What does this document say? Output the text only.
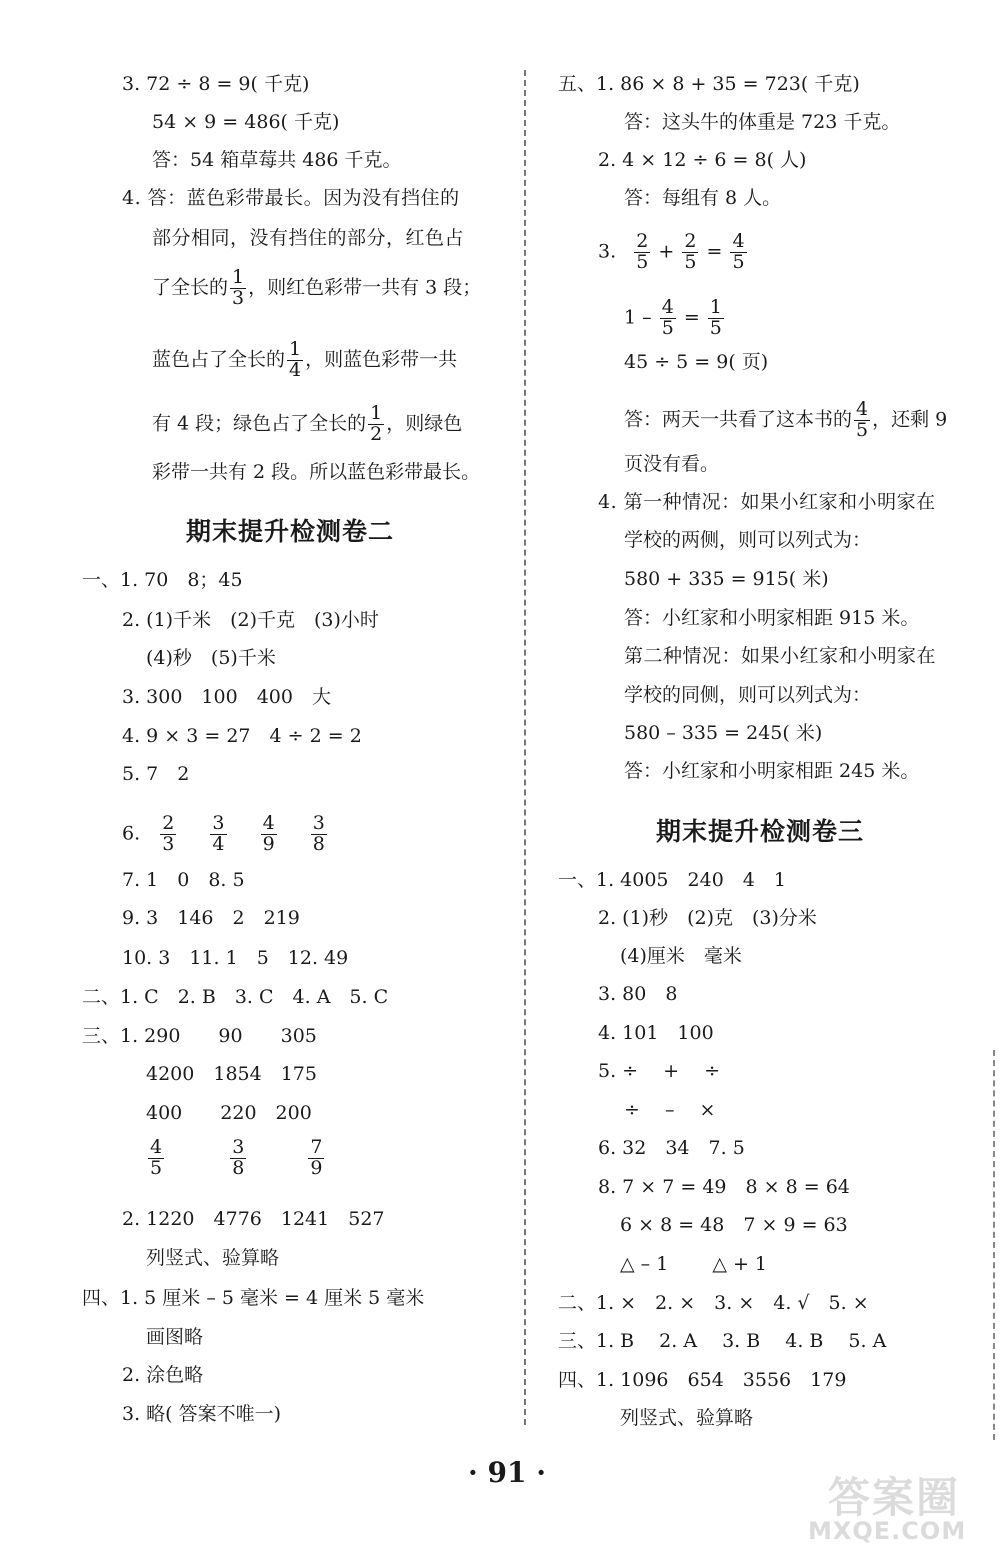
3. 72 ÷ 8 = 9( 千克)
54 × 9 = 486( 千克)
答：54 箱草莓共 486 千克。
4. 答：蓝色彩带最长。因为没有挡住的
部分相同，没有挡住的部分，红色占
了全长的 $\frac{1}{3}$ ，则红色彩带一共有 3 段；
蓝色占了全长的 $\frac{1}{4}$ ，则蓝色彩带一共
有 4 段；绿色占了全长的 $\frac{1}{2}$ ，则绿色
彩带一共有 2 段。所以蓝色彩带最长。
期末提升检测卷二
一、1. 70　8；45
2. (1)千米　(2)千克　(3)小时
(4)秒　(5)千米
3. 300　100　400　大
4. 9 × 3 = 27　4 ÷ 2 = 2
5. 7　2
6. $\frac{2}{3}$
$\frac{3}{4}$
$\frac{4}{9}$
$\frac{3}{8}$
7. 1　0　8. 5
9. 3　146　2　219
10. 3　11. 1　5　12. 49
二、1. C　2. B　3. C　4. A　5. C
三、1. 290　　90　　305
4200　1854　175
400　　220　200
$\frac{4}{5}$
	$\frac{3}{8}$
	$\frac{7}{9}$
2. 1220　4776　1241　527
列竖式、验算略
四、1. 5 厘米 – 5 毫米 = 4 厘米 5 毫米
画图略
2. 涂色略
3. 略( 答案不唯一)
五、1. 86 × 8 + 35 = 723( 千克)
答：这头牛的体重是 723 千克。
2. 4 × 12 ÷ 6 = 8( 人)
答：每组有 8 人。
3. $\frac{2}{5} + \frac{2}{5} = \frac{4}{5}$
$1 - \frac{4}{5} = \frac{1}{5}$
45 ÷ 5 = 9( 页)
答：两天一共看了这本书的 $\frac{4}{5}$ ，还剩 9
页没有看。
4. 第一种情况：如果小红家和小明家在
学校的两侧，则可以列式为：
580 + 335 = 915( 米)
答：小红家和小明家相距 915 米。
第二种情况：如果小红家和小明家在
学校的同侧，则可以列式为：
580 – 335 = 245( 米)
答：小红家和小明家相距 245 米。
期末提升检测卷三
一、1. 4005　240　4　1
2. (1)秒　(2)克　(3)分米
(4)厘米　毫米
3. 80　8
4. 101　100
5. ÷　 +　 ÷
÷　 –　 ×
6. 32　34　7. 5
8. 7 × 7 = 49　8 × 8 = 64
6 × 8 = 48　7 × 9 = 63
△ – 1　　 △ + 1
二、1. ×　2. ×　3. ×　4. √　5. ×
三、1. B　 2. A　 3. B　 4. B　 5. A
四、1. 1096　654　3556　179
列竖式、验算略
· 91 ·
答案圈
MXQE.COM
